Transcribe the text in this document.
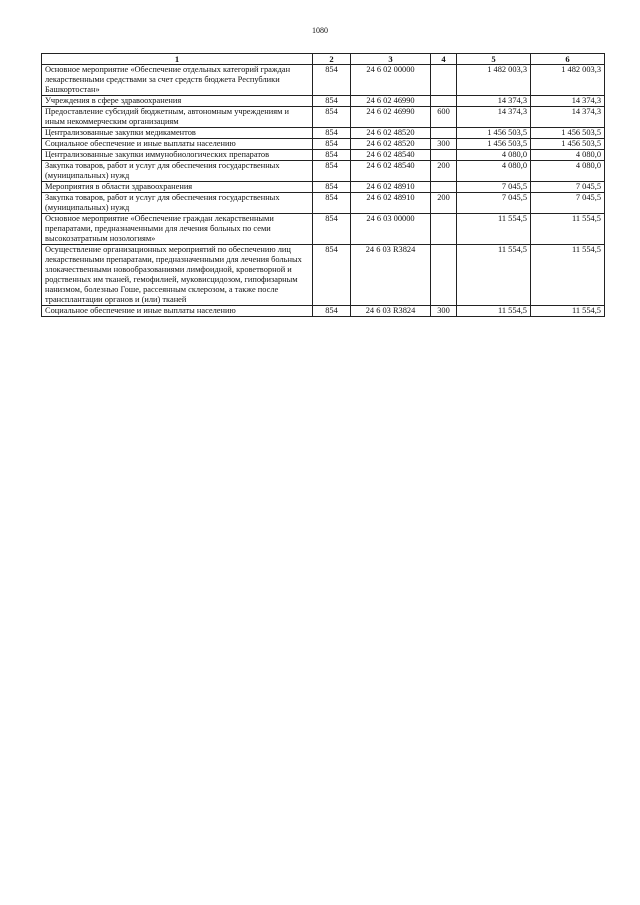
1080
1	2	3	4	5	6
Основное мероприятие «Обеспечение отдельных категорий граждан лекарственными средствами за счет средств бюджета Республики Башкортостан»	854	24 6 02 00000		1 482 003,3	1 482 003,3
Учреждения в сфере здравоохранения	854	24 6 02 46990		14 374,3	14 374,3
Предоставление субсидий бюджетным, автономным учреждениям и иным некоммерческим организациям	854	24 6 02 46990	600	14 374,3	14 374,3
Централизованные закупки медикаментов	854	24 6 02 48520		1 456 503,5	1 456 503,5
Социальное обеспечение и иные выплаты населению	854	24 6 02 48520	300	1 456 503,5	1 456 503,5
Централизованные закупки иммунобиологических препаратов	854	24 6 02 48540		4 080,0	4 080,0
Закупка товаров, работ и услуг для обеспечения государственных (муниципальных) нужд	854	24 6 02 48540	200	4 080,0	4 080,0
Мероприятия в области здравоохранения	854	24 6 02 48910		7 045,5	7 045,5
Закупка товаров, работ и услуг для обеспечения государственных (муниципальных) нужд	854	24 6 02 48910	200	7 045,5	7 045,5
Основное мероприятие «Обеспечение граждан лекарственными препаратами, предназначенными для лечения больных по семи высокозатратным нозологиям»	854	24 6 03 00000		11 554,5	11 554,5
Осуществление организационных мероприятий по обеспечению лиц лекарственными препаратами, предназначенными для лечения больных злокачественными новообразованиями лимфоидной, кроветворной и родственных им тканей, гемофилией, муковисцидозом, гипофизарным нанизмом, болезнью Гоше, рассеянным склерозом, а также после трансплантации органов и (или) тканей	854	24 6 03 R3824		11 554,5	11 554,5
Социальное обеспечение и иные выплаты населению	854	24 6 03 R3824	300	11 554,5	11 554,5
